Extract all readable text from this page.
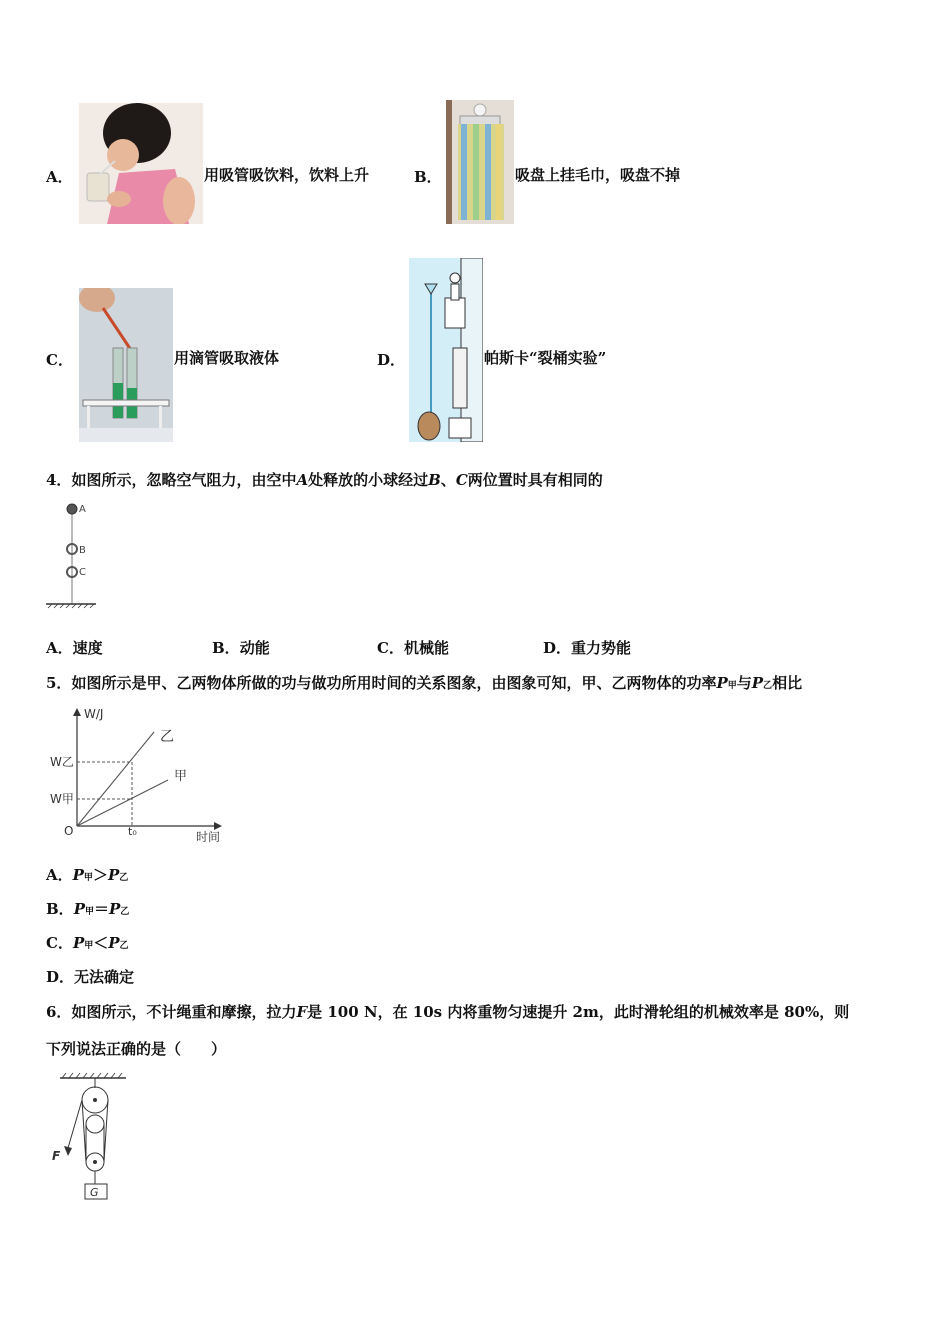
A．	用吸管吸饮料，饮料上升	B．	吸盘上挂毛巾，吸盘不掉
C．	用滴管吸取液体	D．	帕斯卡“裂桶实验”
4．如图所示，忽略空气阻力，由空中A处释放的小球经过B、C两位置时具有相同的
A
B
C
A．速度	B．动能	C．机械能	D．重力势能
5．如图所示是甲、乙两物体所做的功与做功所用时间的关系图象，由图象可知，甲、乙两物体的功率P甲与P乙相比
W/J
时间
O	t₀
W乙
W甲
乙
甲
A．P甲＞P乙
B．P甲＝P乙
C．P甲＜P乙
D．无法确定
6．如图所示，不计绳重和摩擦，拉力F是 100 N，在 10s 内将重物匀速提升 2m，此时滑轮组的机械效率是 80%，则
下列说法正确的是（　　）
F
G
